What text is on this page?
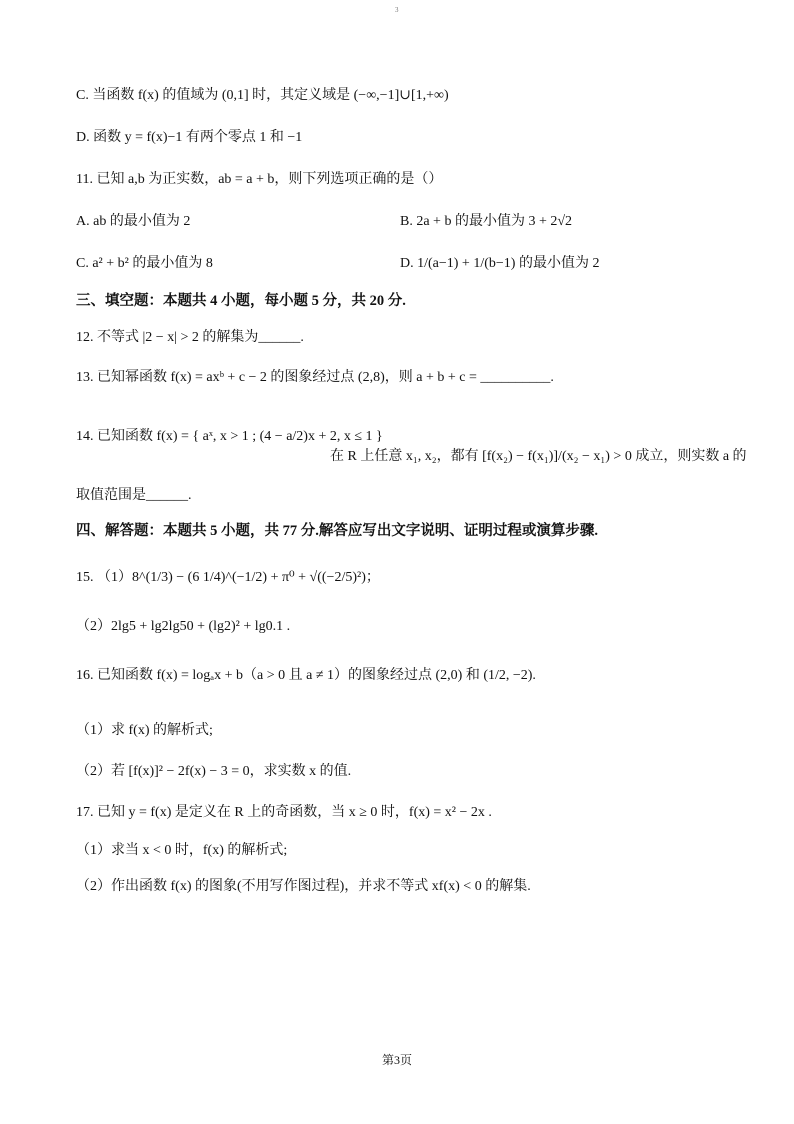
3
C. 当函数 f(x) 的值域为 (0,1] 时，其定义域是 (−∞,−1]∪[1,+∞)
D. 函数 y = f(x)−1 有两个零点 1 和 −1
11. 已知 a,b 为正实数，ab = a + b，则下列选项正确的是（）
A. ab 的最小值为 2	B. 2a + b 的最小值为 3 + 2√2
C. a² + b² 的最小值为 8	D. 1/(a−1) + 1/(b−1) 的最小值为 2
三、填空题：本题共 4 小题，每小题 5 分，共 20 分.
12. 不等式 |2 − x| > 2 的解集为______.
13. 已知幂函数 f(x) = axᵇ + c − 2 的图象经过点 (2,8)，则 a + b + c = __________.
14. 已知函数 f(x) = { aˣ, x > 1 ; (4 − a/2)x + 2, x ≤ 1 }
在 R 上任意 x₁, x₂，都有 [f(x₂) − f(x₁)]/(x₂ − x₁) > 0 成立，则实数 a 的
取值范围是______.
四、解答题：本题共 5 小题，共 77 分.解答应写出文字说明、证明过程或演算步骤.
15. （1）8^(1/3) − (6 1/4)^(−1/2) + π⁰ + √((−2/5)²)；
（2）2lg5 + lg2lg50 + (lg2)² + lg0.1 .
16. 已知函数 f(x) = logₐx + b（a > 0 且 a ≠ 1）的图象经过点 (2,0) 和 (1/2, −2).
（1）求 f(x) 的解析式;
（2）若 [f(x)]² − 2f(x) − 3 = 0，求实数 x 的值.
17. 已知 y = f(x) 是定义在 R 上的奇函数，当 x ≥ 0 时，f(x) = x² − 2x .
（1）求当 x < 0 时，f(x) 的解析式;
（2）作出函数 f(x) 的图象(不用写作图过程)，并求不等式 xf(x) < 0 的解集.
第3页
